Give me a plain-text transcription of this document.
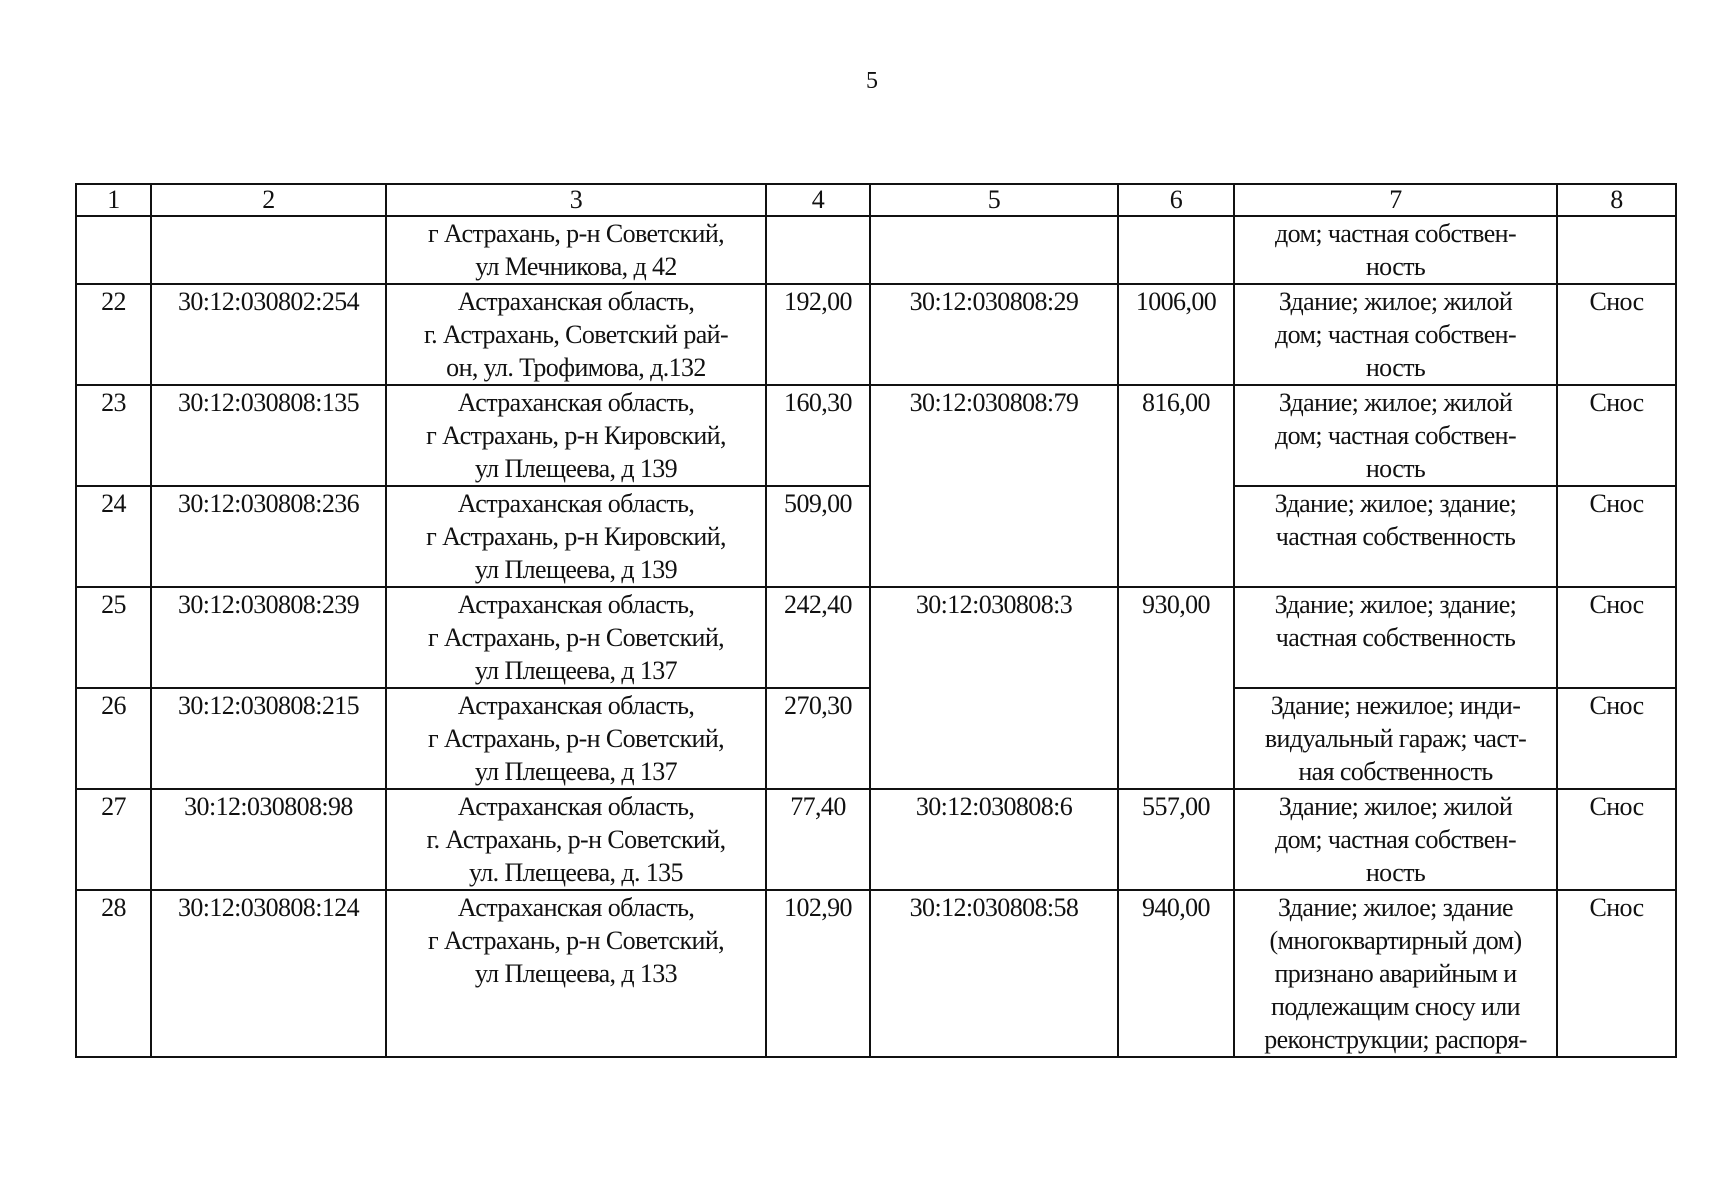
5
1	2	3	4	5	6	7	8
		г Астрахань, р-н Советский,
ул Мечникова, д 42				дом; частная собствен-
ность	
22	30:12:030802:254	Астраханская область,
г. Астрахань, Советский рай-
он, ул. Трофимова, д.132	192,00	30:12:030808:29	1006,00	Здание; жилое; жилой
дом; частная собствен-
ность	Снос
23	30:12:030808:135	Астраханская область,
г Астрахань, р-н Кировский,
ул Плещеева, д 139	160,30	30:12:030808:79	816,00	Здание; жилое; жилой
дом; частная собствен-
ность	Снос
24	30:12:030808:236	Астраханская область,
г Астрахань, р-н Кировский,
ул Плещеева, д 139	509,00			Здание; жилое; здание;
частная собственность	Снос
25	30:12:030808:239	Астраханская область,
г Астрахань, р-н Советский,
ул Плещеева, д 137	242,40	30:12:030808:3	930,00	Здание; жилое; здание;
частная собственность	Снос
26	30:12:030808:215	Астраханская область,
г Астрахань, р-н Советский,
ул Плещеева, д 137	270,30			Здание; нежилое; инди-
видуальный гараж; част-
ная собственность	Снос
27	30:12:030808:98	Астраханская область,
г. Астрахань, р-н Советский,
ул. Плещеева, д. 135	77,40	30:12:030808:6	557,00	Здание; жилое; жилой
дом; частная собствен-
ность	Снос
28	30:12:030808:124	Астраханская область,
г Астрахань, р-н Советский,
ул Плещеева, д 133	102,90	30:12:030808:58	940,00	Здание; жилое; здание
(многоквартирный дом)
признано аварийным и
подлежащим сносу или
реконструкции; распоря-	Снос
